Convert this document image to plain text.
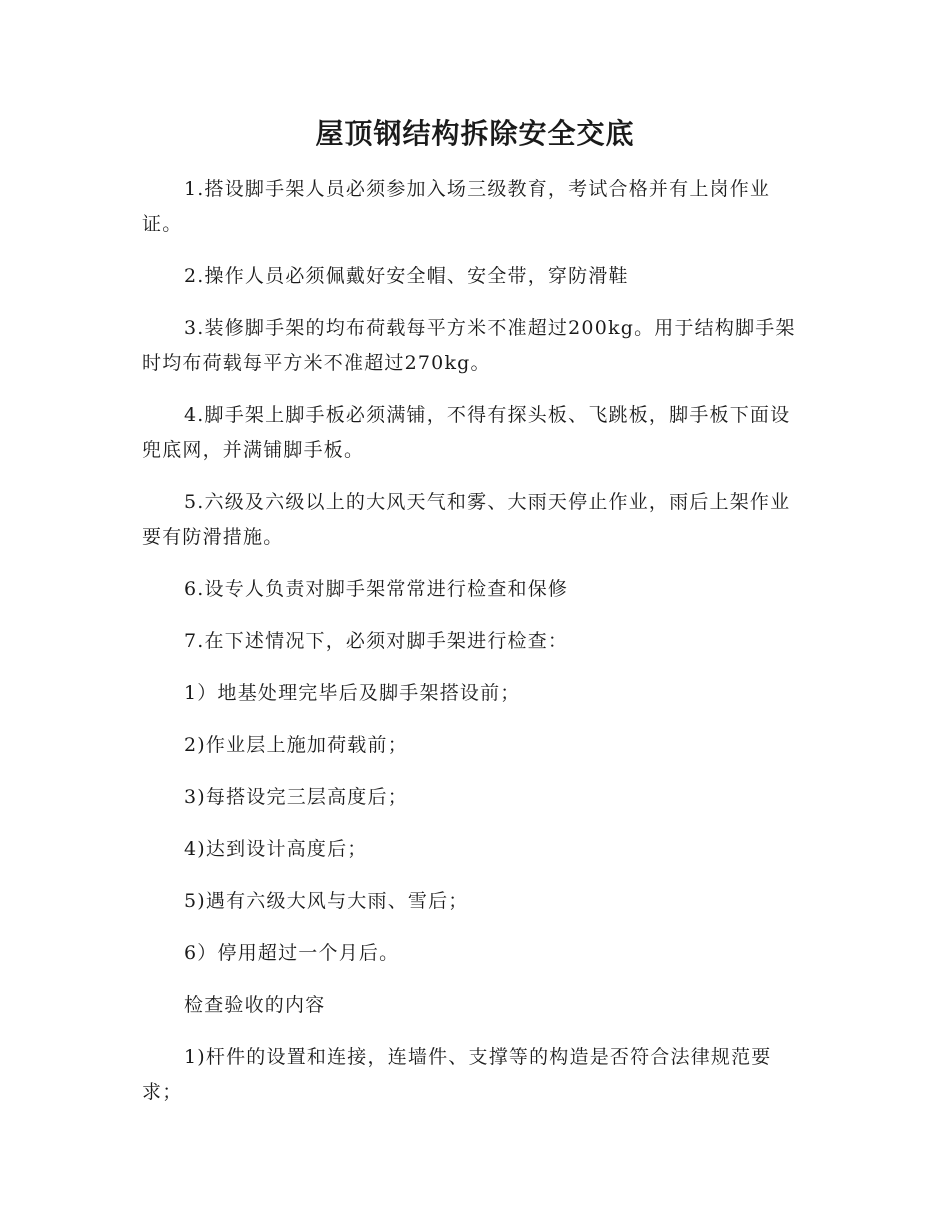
屋顶钢结构拆除安全交底

1.搭设脚手架人员必须参加入场三级教育，考试合格并有上岗作业证。

2.操作人员必须佩戴好安全帽、安全带，穿防滑鞋

3.装修脚手架的均布荷载每平方米不准超过200kg。用于结构脚手架时均布荷载每平方米不准超过270kg。

4.脚手架上脚手板必须满铺，不得有探头板、飞跳板，脚手板下面设兜底网，并满铺脚手板。

5.六级及六级以上的大风天气和雾、大雨天停止作业，雨后上架作业要有防滑措施。

6.设专人负责对脚手架常常进行检查和保修

7.在下述情况下，必须对脚手架进行检查：

1）地基处理完毕后及脚手架搭设前；

2)作业层上施加荷载前；

3)每搭设完三层高度后；

4)达到设计高度后；

5)遇有六级大风与大雨、雪后；

6）停用超过一个月后。

检查验收的内容

1)杆件的设置和连接，连墙件、支撑等的构造是否符合法律规范要求；
